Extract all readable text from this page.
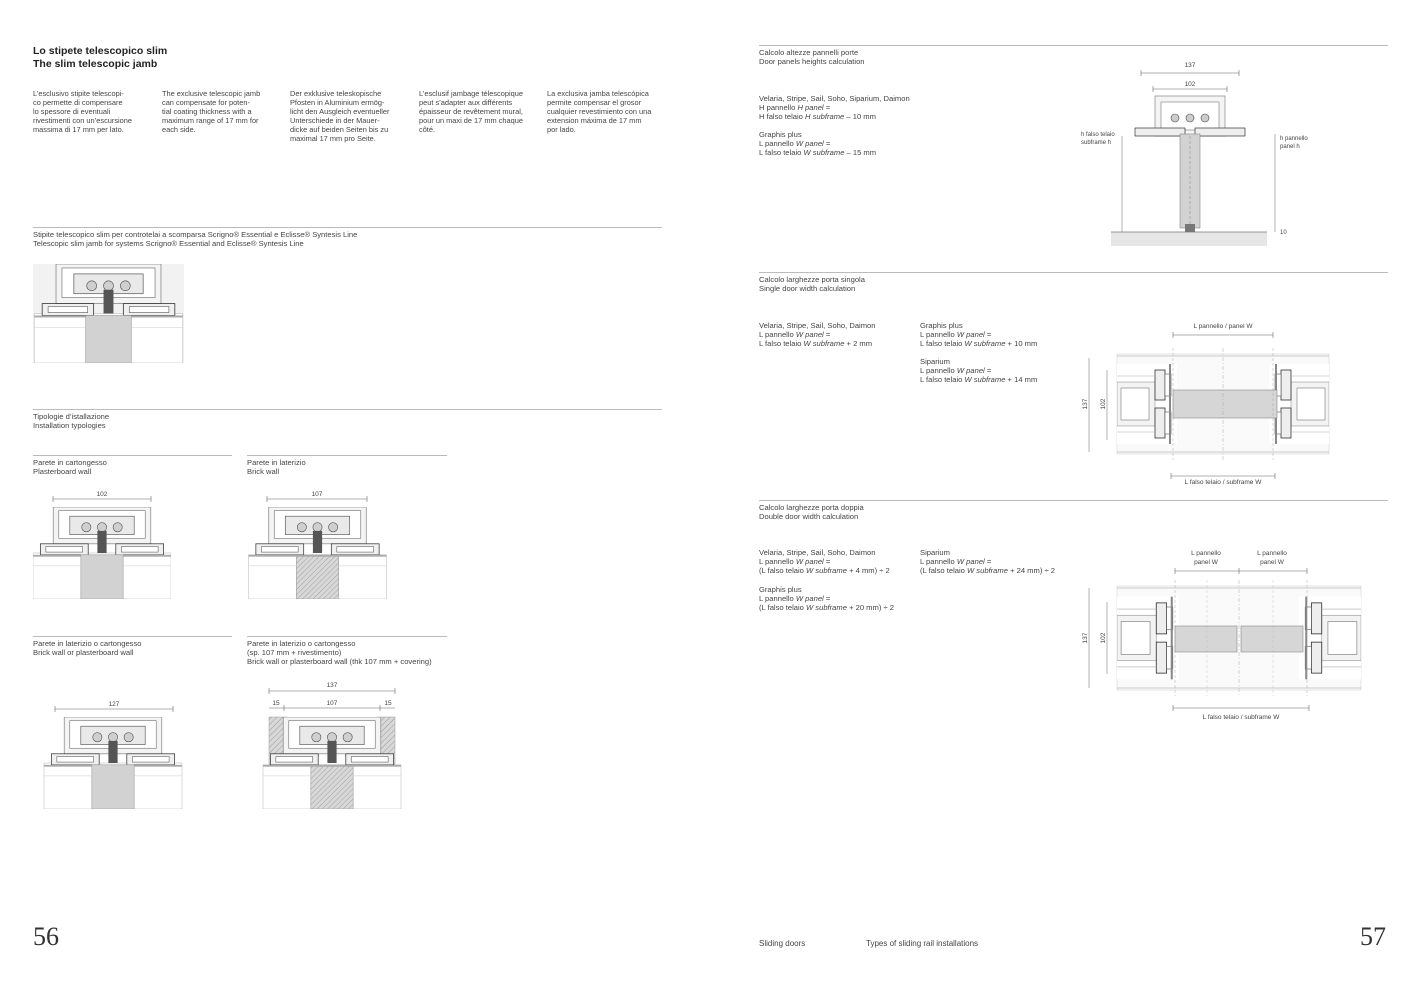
Lo stipete telescopico slim
The slim telescopic jamb
L’esclusivo stipite telescopi-
co permette di compensare
lo spessore di eventuali
rivestimenti con un’escursione
massima di 17 mm per lato.
The exclusive telescopic jamb
can compensate for poten-
tial coating thickness with a
maximum range of 17 mm for
each side.
Der exklusive teleskopische
Pfosten in Aluminium ermög-
licht den Ausgleich eventueller
Unterschiede in der Mauer-
dicke auf beiden Seiten bis zu
maximal 17 mm pro Seite.
L’esclusif jambage télescopique
peut s’adapter aux différents
épaisseur de revêtement mural,
pour un maxi de 17 mm chaque
côté.
La exclusiva jamba telescópica
permite compensar el grosor
cualquier revestimiento con una
extension máxima de 17 mm
por lado.
Stipite telescopico slim per controtelai a scomparsa Scrigno® Essential e Eclisse® Syntesis Line
Telescopic slim jamb for systems Scrigno® Essential and Eclisse® Syntesis Line
Tipologie d’istallazione
Installation typologies
Parete in cartongesso
Plasterboard wall
102
Parete in laterizio
Brick wall
107
Parete in laterizio o cartongesso
Brick wall or plasterboard wall
127
Parete in laterizio o cartongesso
(sp. 107 mm + rivestimento)
Brick wall or plasterboard wall (thk 107 mm + covering)
137
15	107	15
56
Calcolo altezze pannelli porte
Door panels heights calculation
Velaria, Stripe, Sail, Soho, Siparium, Daimon
H pannello H panel =
H falso telaio H subframe – 10 mm
Graphis plus
L pannello W panel =
L falso telaio W subframe – 15 mm
137
102
h falso telaio
subframe h
h pannello
panel h
10
Calcolo larghezze porta singola
Single door width calculation
Velaria, Stripe, Sail, Soho, Daimon
L pannello W panel =
L falso telaio W subframe + 2 mm
Graphis plus
L pannello W panel =
L falso telaio W subframe + 10 mm
Siparium
L pannello W panel =
L falso telaio W subframe + 14 mm
L pannello / panel W
137 102
L falso telaio / subframe W
Calcolo larghezze porta doppia
Double door width calculation
Velaria, Stripe, Sail, Soho, Daimon
L pannello W panel =
(L falso telaio W subframe + 4 mm) ÷ 2
Graphis plus
L pannello W panel =
(L falso telaio W subframe + 20 mm) ÷ 2
Siparium
L pannello W panel =
(L falso telaio W subframe + 24 mm) ÷ 2
L pannello
panel W
L pannello
panel W
137 102
L falso telaio / subframe W
Sliding doors	Types of sliding rail installations	57
